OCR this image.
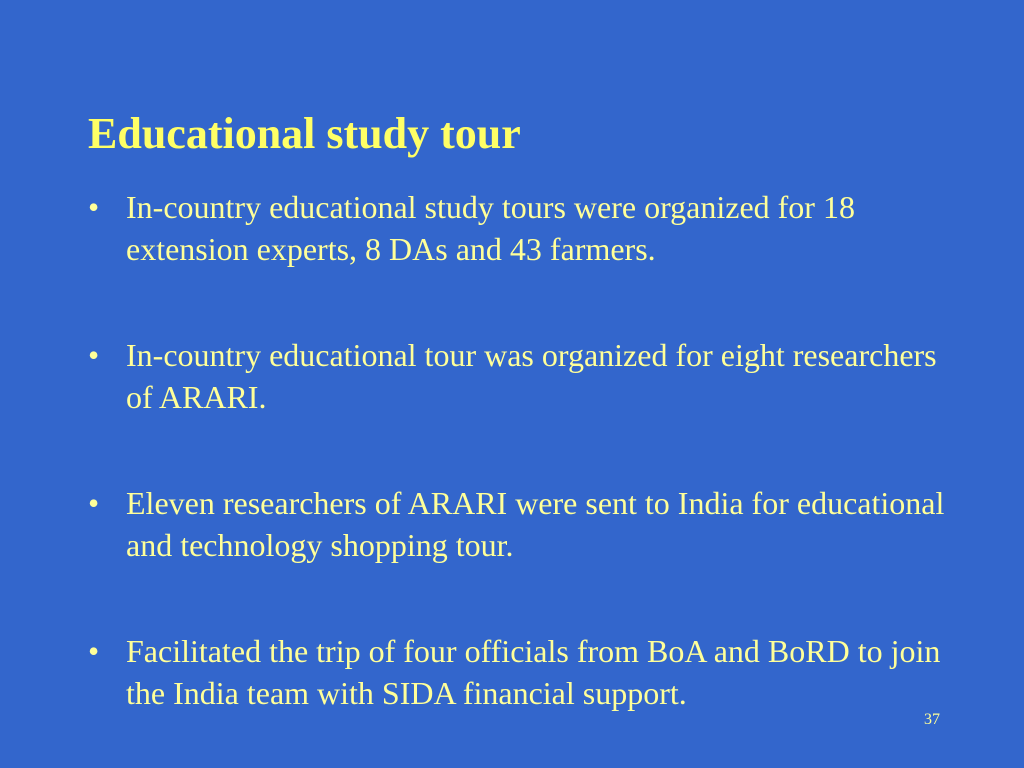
Educational study tour
• In-country educational study tours were organized for 18 extension experts, 8 DAs and 43 farmers.
• In-country educational tour was organized for eight researchers of ARARI.
• Eleven researchers of ARARI were sent to India for educational and technology shopping tour.
• Facilitated the trip of four officials from BoA and BoRD to join the India team with SIDA financial support.
37
